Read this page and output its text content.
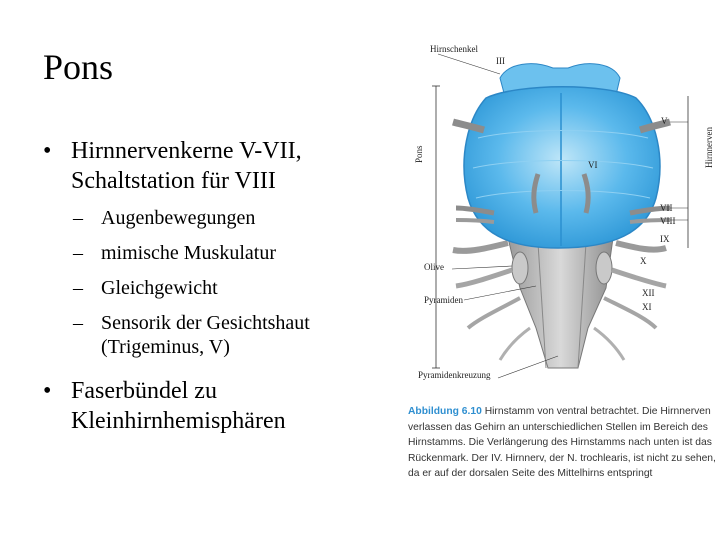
Pons
• Hirnnervenkerne V-VII, Schaltstation für VIII
– Augenbewegungen
– mimische Muskulatur
– Gleichgewicht
– Sensorik der Gesichtshaut (Trigeminus, V)
• Faserbündel zu Kleinhirnhemisphären
Hirnschenkel
III
Pons	Hirnnerven
V
VI
VII
VIII
IX
X
XII
XI
Olive
Pyramiden
Pyramidenkreuzung
Abbildung 6.10 Hirnstamm von ventral betrachtet. Die Hirnnerven verlassen das Gehirn an unterschiedlichen Stellen im Bereich des Hirnstamms. Die Verlängerung des Hirnstamms nach unten ist das Rückenmark. Der IV. Hirnnerv, der N. trochlearis, ist nicht zu sehen, da er auf der dorsalen Seite des Mittelhirns entspringt
